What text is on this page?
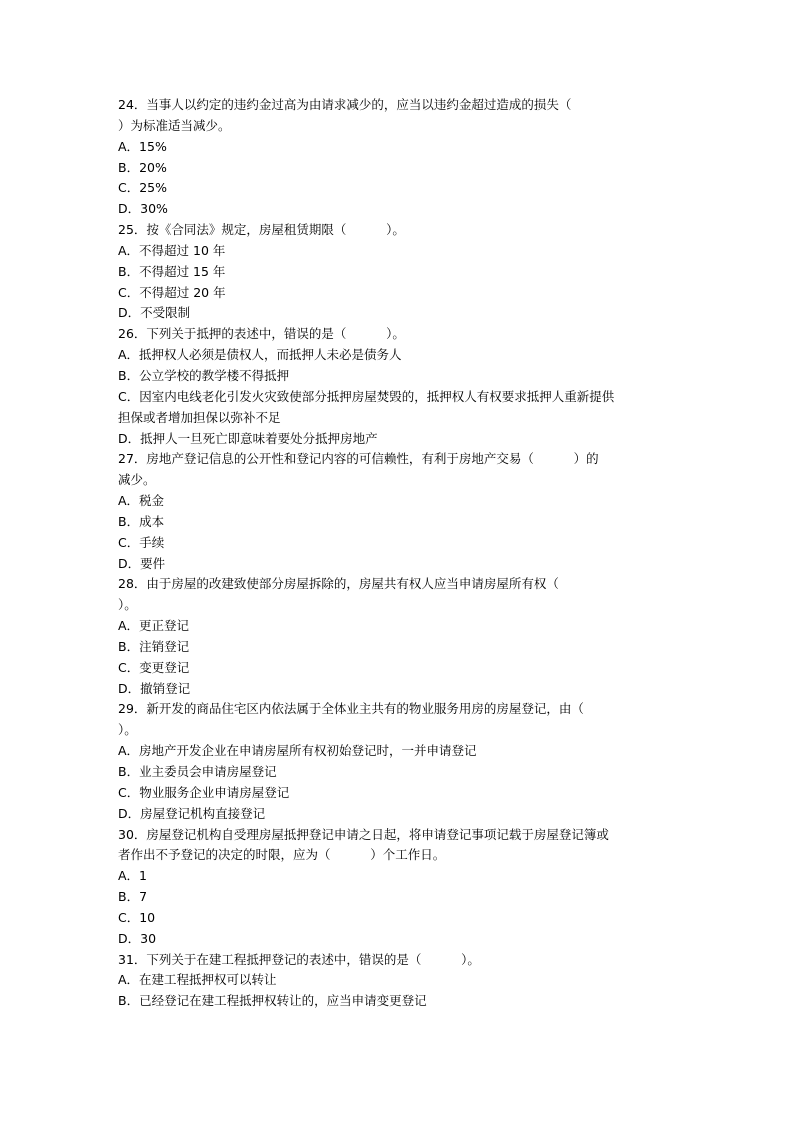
24．当事人以约定的违约金过高为由请求减少的，应当以违约金超过造成的损失（
）为标准适当减少。
A．15%
B．20%
C．25%
D．30%
25．按《合同法》规定，房屋租赁期限（          ）。
A．不得超过 10 年
B．不得超过 15 年
C．不得超过 20 年
D．不受限制
26．下列关于抵押的表述中，错误的是（          ）。
A．抵押权人必须是债权人，而抵押人未必是债务人
B．公立学校的教学楼不得抵押
C．因室内电线老化引发火灾致使部分抵押房屋焚毁的，抵押权人有权要求抵押人重新提供
担保或者增加担保以弥补不足
D．抵押人一旦死亡即意味着要处分抵押房地产
27．房地产登记信息的公开性和登记内容的可信赖性，有利于房地产交易（          ）的
减少。
A．税金
B．成本
C．手续
D．要件
28．由于房屋的改建致使部分房屋拆除的，房屋共有权人应当申请房屋所有权（
）。
A．更正登记
B．注销登记
C．变更登记
D．撤销登记
29．新开发的商品住宅区内依法属于全体业主共有的物业服务用房的房屋登记，由（
）。
A．房地产开发企业在申请房屋所有权初始登记时，一并申请登记
B．业主委员会申请房屋登记
C．物业服务企业申请房屋登记
D．房屋登记机构直接登记
30．房屋登记机构自受理房屋抵押登记申请之日起，将申请登记事项记载于房屋登记簿或
者作出不予登记的决定的时限，应为（          ）个工作日。
A．1
B．7
C．10
D．30
31．下列关于在建工程抵押登记的表述中，错误的是（          ）。
A．在建工程抵押权可以转让
B．已经登记在建工程抵押权转让的，应当申请变更登记
